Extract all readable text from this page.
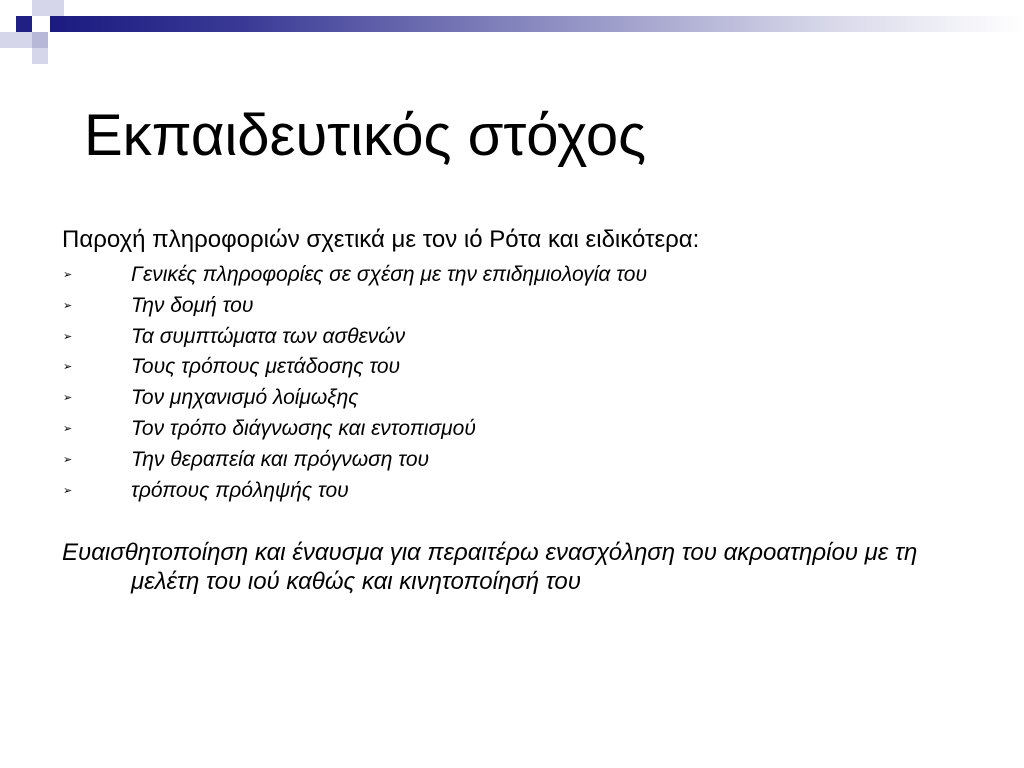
Εκπαιδευτικός στόχος

Παροχή πληροφοριών σχετικά με τον ιό Ρότα και ειδικότερα:

➢	Γενικές πληροφορίες σε σχέση με την επιδημιολογία του
➢	Την δομή του
➢	Τα συμπτώματα των ασθενών
➢	Τους τρόπους μετάδοσης του
➢	Τον μηχανισμό λοίμωξης
➢	Τον τρόπο διάγνωσης και εντοπισμού
➢	Την θεραπεία και πρόγνωση του
➢	τρόπους πρόληψής του

Ευαισθητοποίηση και έναυσμα για περαιτέρω ενασχόληση του ακροατηρίου με τη μελέτη του ιού καθώς και κινητοποίησή του
